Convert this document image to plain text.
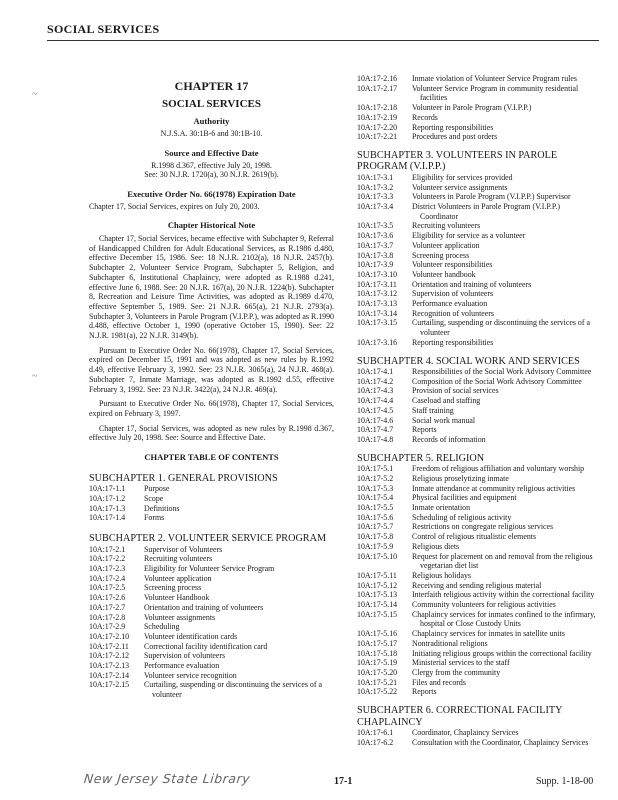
SOCIAL SERVICES
~
~
CHAPTER 17
SOCIAL SERVICES
Authority
N.J.S.A. 30:1B-6 and 30:1B-10.
Source and Effective Date
R.1998 d.367, effective July 20, 1998.
See: 30 N.J.R. 1720(a), 30 N.J.R. 2619(b).
Executive Order No. 66(1978) Expiration Date
Chapter 17, Social Services, expires on July 20, 2003.
Chapter Historical Note

Chapter 17, Social Services, became effective with Subchapter 9, Referral of Handicapped Children for Adult Educational Services, as R.1986 d.480, effective December 15, 1986. See: 18 N.J.R. 2102(a), 18 N.J.R. 2457(b). Subchapter 2, Volunteer Service Program, Subchapter 5, Religion, and Subchapter 6, Institutional Chaplaincy, were adopted as R.1988 d.241, effective June 6, 1988. See: 20 N.J.R. 167(a), 20 N.J.R. 1224(b). Subchapter 8, Recreation and Leisure Time Activities, was adopted as R.1989 d.470, effective September 5, 1989. See: 21 N.J.R. 665(a), 21 N.J.R. 2793(a). Subchapter 3, Volunteers in Parole Program (V.I.P.P.), was adopted as R.1990 d.488, effective October 1, 1990 (operative October 15, 1990). See: 22 N.J.R. 1981(a), 22 N.J.R. 3149(b).

Pursuant to Executive Order No. 66(1978), Chapter 17, Social Services, expired on December 15, 1991 and was adopted as new rules by R.1992 d.49, effective February 3, 1992. See: 23 N.J.R. 3065(a), 24 N.J.R. 468(a). Subchapter 7, Inmate Marriage, was adopted as R.1992 d.55, effective February 3, 1992. See: 23 N.J.R. 3422(a), 24 N.J.R. 469(a).

Pursuant to Executive Order No. 66(1978), Chapter 17, Social Services, expired on February 3, 1997.

Chapter 17, Social Services, was adopted as new rules by R.1998 d.367, effective July 20, 1998. See: Source and Effective Date.

CHAPTER TABLE OF CONTENTS
SUBCHAPTER 1. GENERAL PROVISIONS
10A:17-1.1	Purpose
10A:17-1.2	Scope
10A:17-1.3	Definitions
10A:17-1.4	Forms
SUBCHAPTER 2. VOLUNTEER SERVICE PROGRAM
10A:17-2.1	Supervisor of Volunteers
10A:17-2.2	Recruiting volunteers
10A:17-2.3	Eligibility for Volunteer Service Program
10A:17-2.4	Volunteer application
10A:17-2.5	Screening process
10A:17-2.6	Volunteer Handbook
10A:17-2.7	Orientation and training of volunteers
10A:17-2.8	Volunteer assignments
10A:17-2.9	Scheduling
10A:17-2.10	Volunteer identification cards
10A:17-2.11	Correctional facility identification card
10A:17-2.12	Supervision of volunteers
10A:17-2.13	Performance evaluation
10A:17-2.14	Volunteer service recognition
10A:17-2.15	Curtailing, suspending or discontinuing the services of a volunteer
10A:17-2.16	Inmate violation of Volunteer Service Program rules
10A:17-2.17	Volunteer Service Program in community residential facilities
10A:17-2.18	Volunteer in Parole Program (V.I.P.P.)
10A:17-2.19	Records
10A:17-2.20	Reporting responsibilities
10A:17-2.21	Procedures and post orders
SUBCHAPTER 3. VOLUNTEERS IN PAROLE PROGRAM (V.I.P.P.)
10A:17-3.1	Eligibility for services provided
10A:17-3.2	Volunteer service assignments
10A:17-3.3	Volunteers in Parole Program (V.I.P.P.) Supervisor
10A:17-3.4	District Volunteers in Parole Program (V.I.P.P.) Coordinator
10A:17-3.5	Recruiting volunteers
10A:17-3.6	Eligibility for service as a volunteer
10A:17-3.7	Volunteer application
10A:17-3.8	Screening process
10A:17-3.9	Volunteer responsibilities
10A:17-3.10	Volunteer handbook
10A:17-3.11	Orientation and training of volunteers
10A:17-3.12	Supervision of volunteers
10A:17-3.13	Performance evaluation
10A:17-3.14	Recognition of volunteers
10A:17-3.15	Curtailing, suspending or discontinuing the services of a volunteer
10A:17-3.16	Reporting responsibilities
SUBCHAPTER 4. SOCIAL WORK AND SERVICES
10A:17-4.1	Responsibilities of the Social Work Advisory Committee
10A:17-4.2	Composition of the Social Work Advisory Committee
10A:17-4.3	Provision of social services
10A:17-4.4	Caseload and staffing
10A:17-4.5	Staff training
10A:17-4.6	Social work manual
10A:17-4.7	Reports
10A:17-4.8	Records of information
SUBCHAPTER 5. RELIGION
10A:17-5.1	Freedom of religious affiliation and voluntary worship
10A:17-5.2	Religious proselytizing inmate
10A:17-5.3	Inmate attendance at community religious activities
10A:17-5.4	Physical facilities and equipment
10A:17-5.5	Inmate orientation
10A:17-5.6	Scheduling of religious activity
10A:17-5.7	Restrictions on congregate religious services
10A:17-5.8	Control of religious ritualistic elements
10A:17-5.9	Religious diets
10A:17-5.10	Request for placement on and removal from the religious vegetarian diet list
10A:17-5.11	Religious holidays
10A:17-5.12	Receiving and sending religious material
10A:17-5.13	Interfaith religious activity within the correctional facility
10A:17-5.14	Community volunteers for religious activities
10A:17-5.15	Chaplaincy services for inmates confined to the infirmary, hospital or Close Custody Units
10A:17-5.16	Chaplaincy services for inmates in satellite units
10A:17-5.17	Nontraditional religions
10A:17-5.18	Initiating religious groups within the correctional facility
10A:17-5.19	Ministerial services to the staff
10A:17-5.20	Clergy from the community
10A:17-5.21	Files and records
10A:17-5.22	Reports
SUBCHAPTER 6. CORRECTIONAL FACILITY CHAPLAINCY
10A:17-6.1	Coordinator, Chaplaincy Services
10A:17-6.2	Consultation with the Coordinator, Chaplaincy Services
New Jersey State Library	17-1	Supp. 1-18-00
